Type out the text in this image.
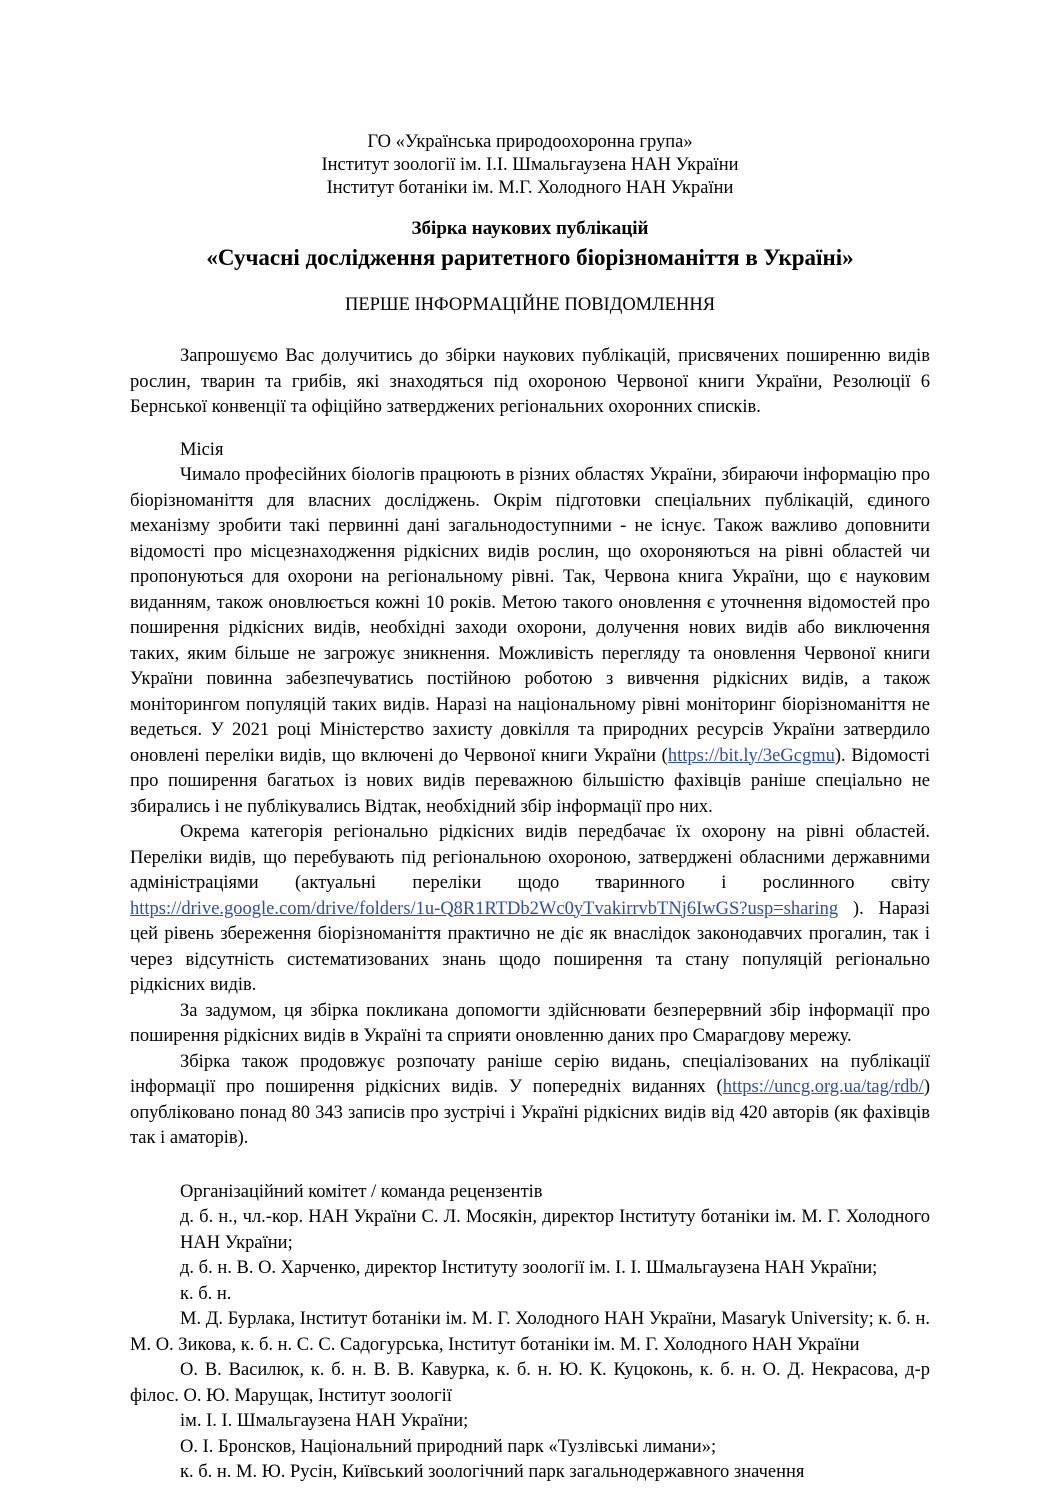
ГО «Українська природоохоронна група»
Інститут зоології ім. І.І. Шмальгаузена НАН України
Інститут ботаніки ім. М.Г. Холодного НАН України
Збірка наукових публікацій
«Сучасні дослідження раритетного біорізноманіття в Україні»
ПЕРШЕ ІНФОРМАЦІЙНЕ ПОВІДОМЛЕННЯ

Запрошуємо Вас долучитись до збірки наукових публікацій, присвячених поширенню видів рослин, тварин та грибів, які знаходяться під охороною Червоної книги України, Резолюції 6 Бернської конвенції та офіційно затверджених регіональних охоронних списків.

Місія

Чимало професійних біологів працюють в різних областях України, збираючи інформацію про біорізноманіття для власних досліджень. Окрім підготовки спеціальних публікацій, єдиного механізму зробити такі первинні дані загальнодоступними - не існує. Також важливо доповнити відомості про місцезнаходження рідкісних видів рослин, що охороняються на рівні областей чи пропонуються для охорони на регіональному рівні. Так, Червона книга України, що є науковим виданням, також оновлюється кожні 10 років. Метою такого оновлення є уточнення відомостей про поширення рідкісних видів, необхідні заходи охорони, долучення нових видів або виключення таких, яким більше не загрожує зникнення. Можливість перегляду та оновлення Червоної книги України повинна забезпечуватись постійною роботою з вивчення рідкісних видів, а також моніторингом популяцій таких видів. Наразі на національному рівні моніторинг біорізноманіття не ведеться. У 2021 році Міністерство захисту довкілля та природних ресурсів України затвердило оновлені переліки видів, що включені до Червоної книги України (https://bit.ly/3eGcgmu). Відомості про поширення багатьох із нових видів переважною більшістю фахівців раніше спеціально не збирались і не публікувались Відтак, необхідний збір інформації про них.

Окрема категорія регіонально рідкісних видів передбачає їх охорону на рівні областей. Переліки видів, що перебувають під регіональною охороною, затверджені обласними державними адміністраціями (актуальні переліки щодо тваринного і рослинного світу https://drive.google.com/drive/folders/1u-Q8R1RTDb2Wc0yTvakirrvbTNj6IwGS?usp=sharing ). Наразі цей рівень збереження біорізноманіття практично не діє як внаслідок законодавчих прогалин, так і через відсутність систематизованих знань щодо поширення та стану популяцій регіонально рідкісних видів.

За задумом, ця збірка покликана допомогти здійснювати безперервний збір інформації про поширення рідкісних видів в Україні та сприяти оновленню даних про Смарагдову мережу.

Збірка також продовжує розпочату раніше серію видань, спеціалізованих на публікації інформації про поширення рідкісних видів. У попередніх виданнях (https://uncg.org.ua/tag/rdb/) опубліковано понад 80 343 записів про зустрічі і Україні рідкісних видів від 420 авторів (як фахівців так і аматорів).

Організаційний комітет / команда рецензентів

д. б. н., чл.-кор. НАН України С. Л. Мосякін, директор Інституту ботаніки ім. М. Г. Холодного НАН України;

д. б. н. В. О. Харченко, директор Інституту зоології ім. І. І. Шмальгаузена НАН України;

к. б. н.

М. Д. Бурлака, Інститут ботаніки ім. М. Г. Холодного НАН України, Masaryk University; к. б. н. М. О. Зикова, к. б. н. С. С. Садогурська, Інститут ботаніки ім. М. Г. Холодного НАН України

О. В. Василюк, к. б. н. В. В. Кавурка, к. б. н. Ю. К. Куцоконь, к. б. н. О. Д. Некрасова, д-р філос. О. Ю. Марущак, Інститут зоології

ім. І. І. Шмальгаузена НАН України;

О. І. Бронсков, Національний природний парк «Тузлівські лимани»;

к. б. н. М. Ю. Русін, Київський зоологічний парк загальнодержавного значення
